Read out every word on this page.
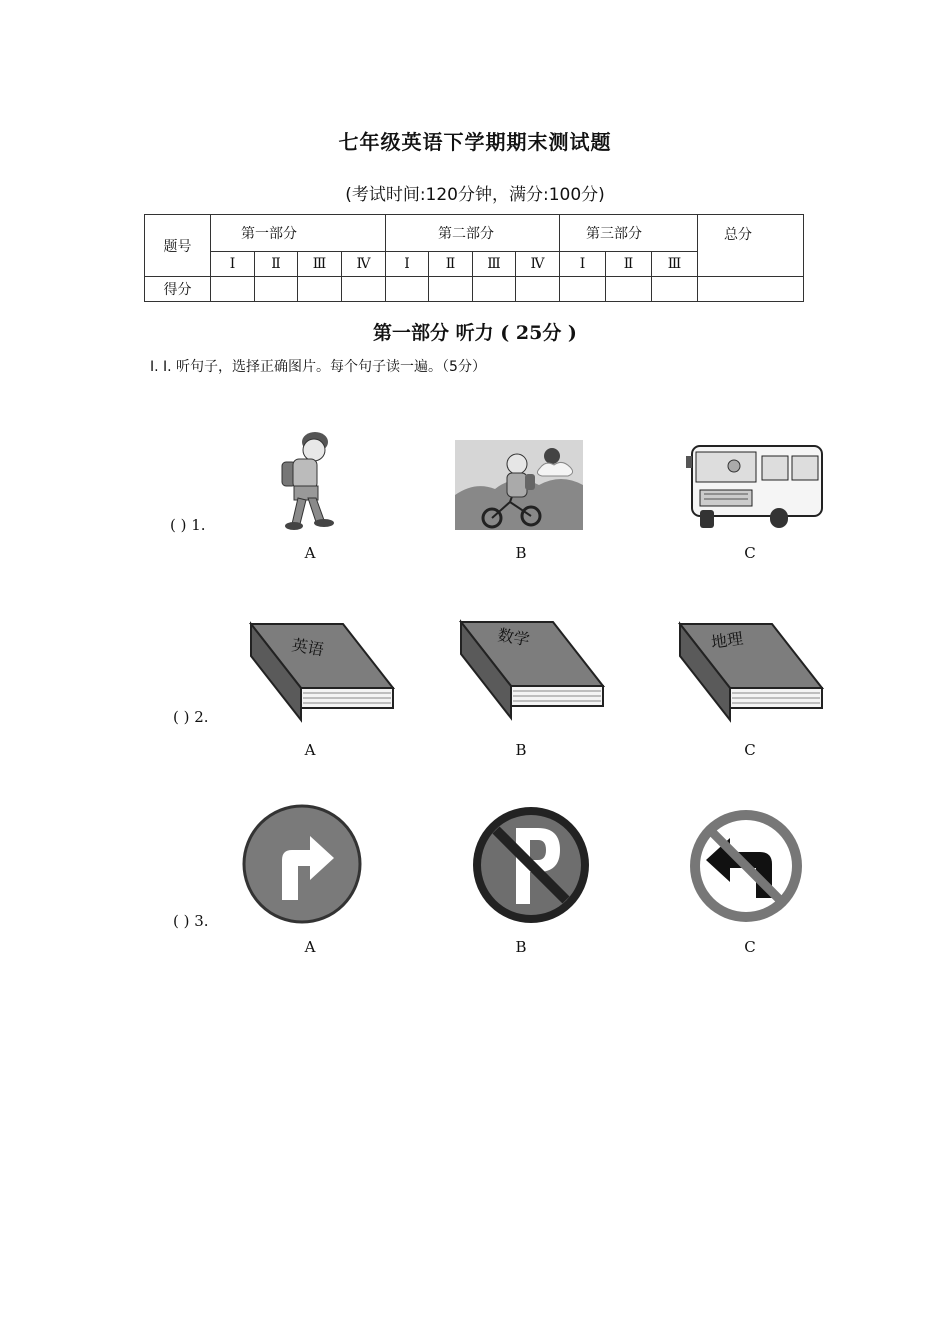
七年级英语下学期期末测试题
(考试时间:120分钟，满分:100分)
题号	第一部分				第二部分				第三部分			总分
	Ⅰ	Ⅱ	Ⅲ	Ⅳ	Ⅰ	Ⅱ	Ⅲ	Ⅳ	Ⅰ	Ⅱ	Ⅲ	
得分												
第一部分 听力 ( 25分 )
Ⅰ. Ⅰ. 听句子，选择正确图片。每个句子读一遍。（5分）
( ) 1.
A	B	C
( ) 2.
英语	数学	地理
A	B	C
( ) 3.
A	B	C
